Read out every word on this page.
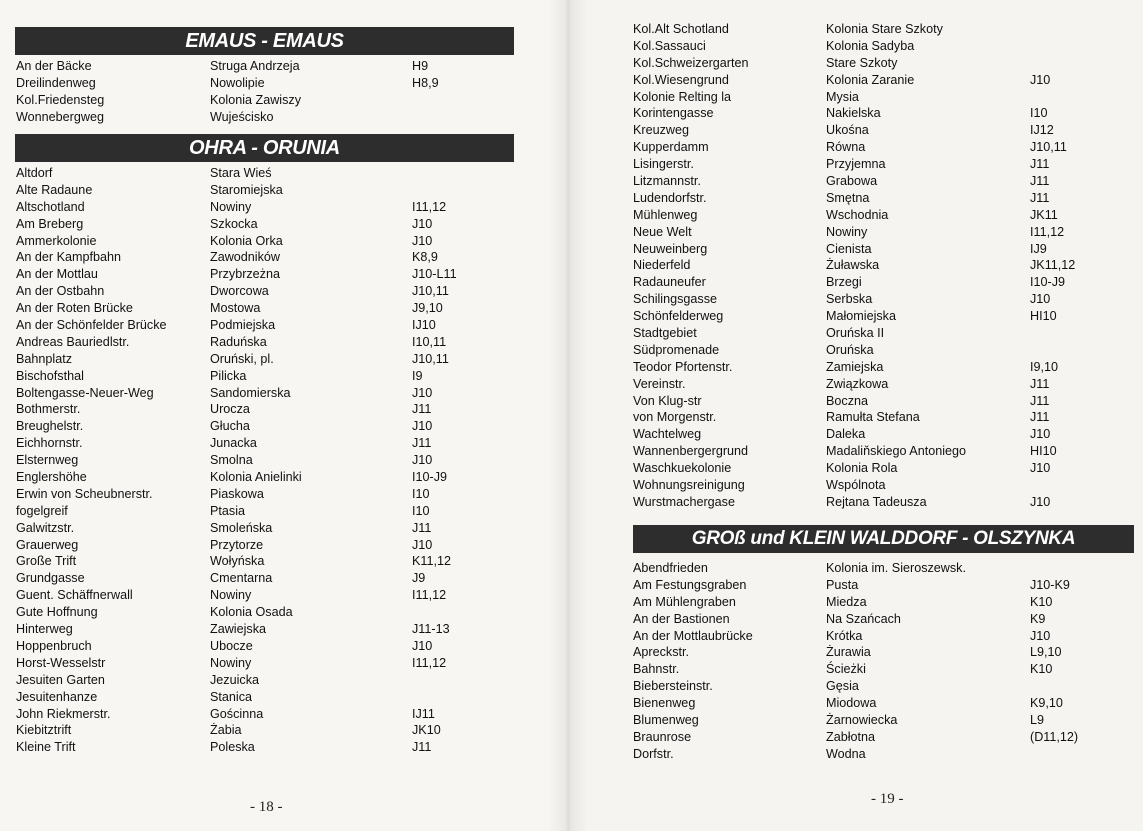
EMAUS - EMAUS
An der Bäcke	Struga Andrzeja	H9
Dreilindenweg	Nowolipie	H8,9
Kol.Friedensteg	Kolonia Zawiszy
Wonnebergweg	Wujeścisko
OHRA - ORUNIA
Altdorf	Stara Wieś
Alte Radaune	Staromiejska
Altschotland	Nowiny	I11,12
Am Breberg	Szkocka	J10
Ammerkolonie	Kolonia Orka	J10
An der Kampfbahn	Zawodników	K8,9
An der Mottlau	Przybrzeżna	J10-L11
An der Ostbahn	Dworcowa	J10,11
An der Roten Brücke	Mostowa	J9,10
An der Schönfelder Brücke	Podmiejska	IJ10
Andreas Bauriedlstr.	Raduńska	I10,11
Bahnplatz	Oruński, pl.	J10,11
Bischofsthal	Pilicka	I9
Boltengasse-Neuer-Weg	Sandomierska	J10
Bothmerstr.	Urocza	J11
Breughelstr.	Głucha	J10
Eichhornstr.	Junacka	J11
Elsternweg	Smolna	J10
Englershöhe	Kolonia Anielinki	I10-J9
Erwin von Scheubnerstr.	Piaskowa	I10
fogelgreif	Ptasia	I10
Galwitzstr.	Smoleńska	J11
Grauerweg	Przytorze	J10
Große Trift	Wołyńska	K11,12
Grundgasse	Cmentarna	J9
Guent. Schäffnerwall	Nowiny	I11,12
Gute Hoffnung	Kolonia Osada
Hinterweg	Zawiejska	J11-13
Hoppenbruch	Ubocze	J10
Horst-Wesselstr	Nowiny	I11,12
Jesuiten Garten	Jezuicka
Jesuitenhanze	Stanica
John Riekmerstr.	Gościnna	IJ11
Kiebitztrift	Żabia	JK10
Kleine Trift	Poleska	J11
- 18 -
Kol.Alt Schotland	Kolonia Stare Szkoty
Kol.Sassauci	Kolonia Sadyba
Kol.Schweizergarten	Stare Szkoty
Kol.Wiesengrund	Kolonia Zaranie	J10
Kolonie Relting la	Mysia
Korintengasse	Nakielska	I10
Kreuzweg	Ukośna	IJ12
Kupperdamm	Równa	J10,11
Lisingerstr.	Przyjemna	J11
Litzmannstr.	Grabowa	J11
Ludendorfstr.	Smętna	J11
Mühlenweg	Wschodnia	JK11
Neue Welt	Nowiny	I11,12
Neuweinberg	Cienista	IJ9
Niederfeld	Żuławska	JK11,12
Radauneufer	Brzegi	I10-J9
Schilingsgasse	Serbska	J10
Schönfelderweg	Małomiejska	HI10
Stadtgebiet	Oruńska II
Südpromenade	Oruńska
Teodor Pfortenstr.	Zamiejska	I9,10
Vereinstr.	Związkowa	J11
Von Klug-str	Boczna	J11
von Morgenstr.	Ramułta Stefana	J11
Wachtelweg	Daleka	J10
Wannenbergergrund	Madaliňskiego Antoniego	HI10
Waschkuekolonie	Kolonia Rola	J10
Wohnungsreinigung	Wspólnota
Wurstmachergase	Rejtana Tadeusza	J10
GROß und KLEIN WALDDORF - OLSZYNKA
Abendfrieden	Kolonia im. Sieroszewsk.
Am Festungsgraben	Pusta	J10-K9
Am Mühlengraben	Miedza	K10
An der Bastionen	Na Szańcach	K9
An der Mottlaubrücke	Krótka	J10
Apreckstr.	Żurawia	L9,10
Bahnstr.	Ścieżki	K10
Biebersteinstr.	Gęsia
Bienenweg	Miodowa	K9,10
Blumenweg	Żarnowiecka	L9
Braunrose	Zabłotna	(D11,12)
Dorfstr.	Wodna
- 19 -
